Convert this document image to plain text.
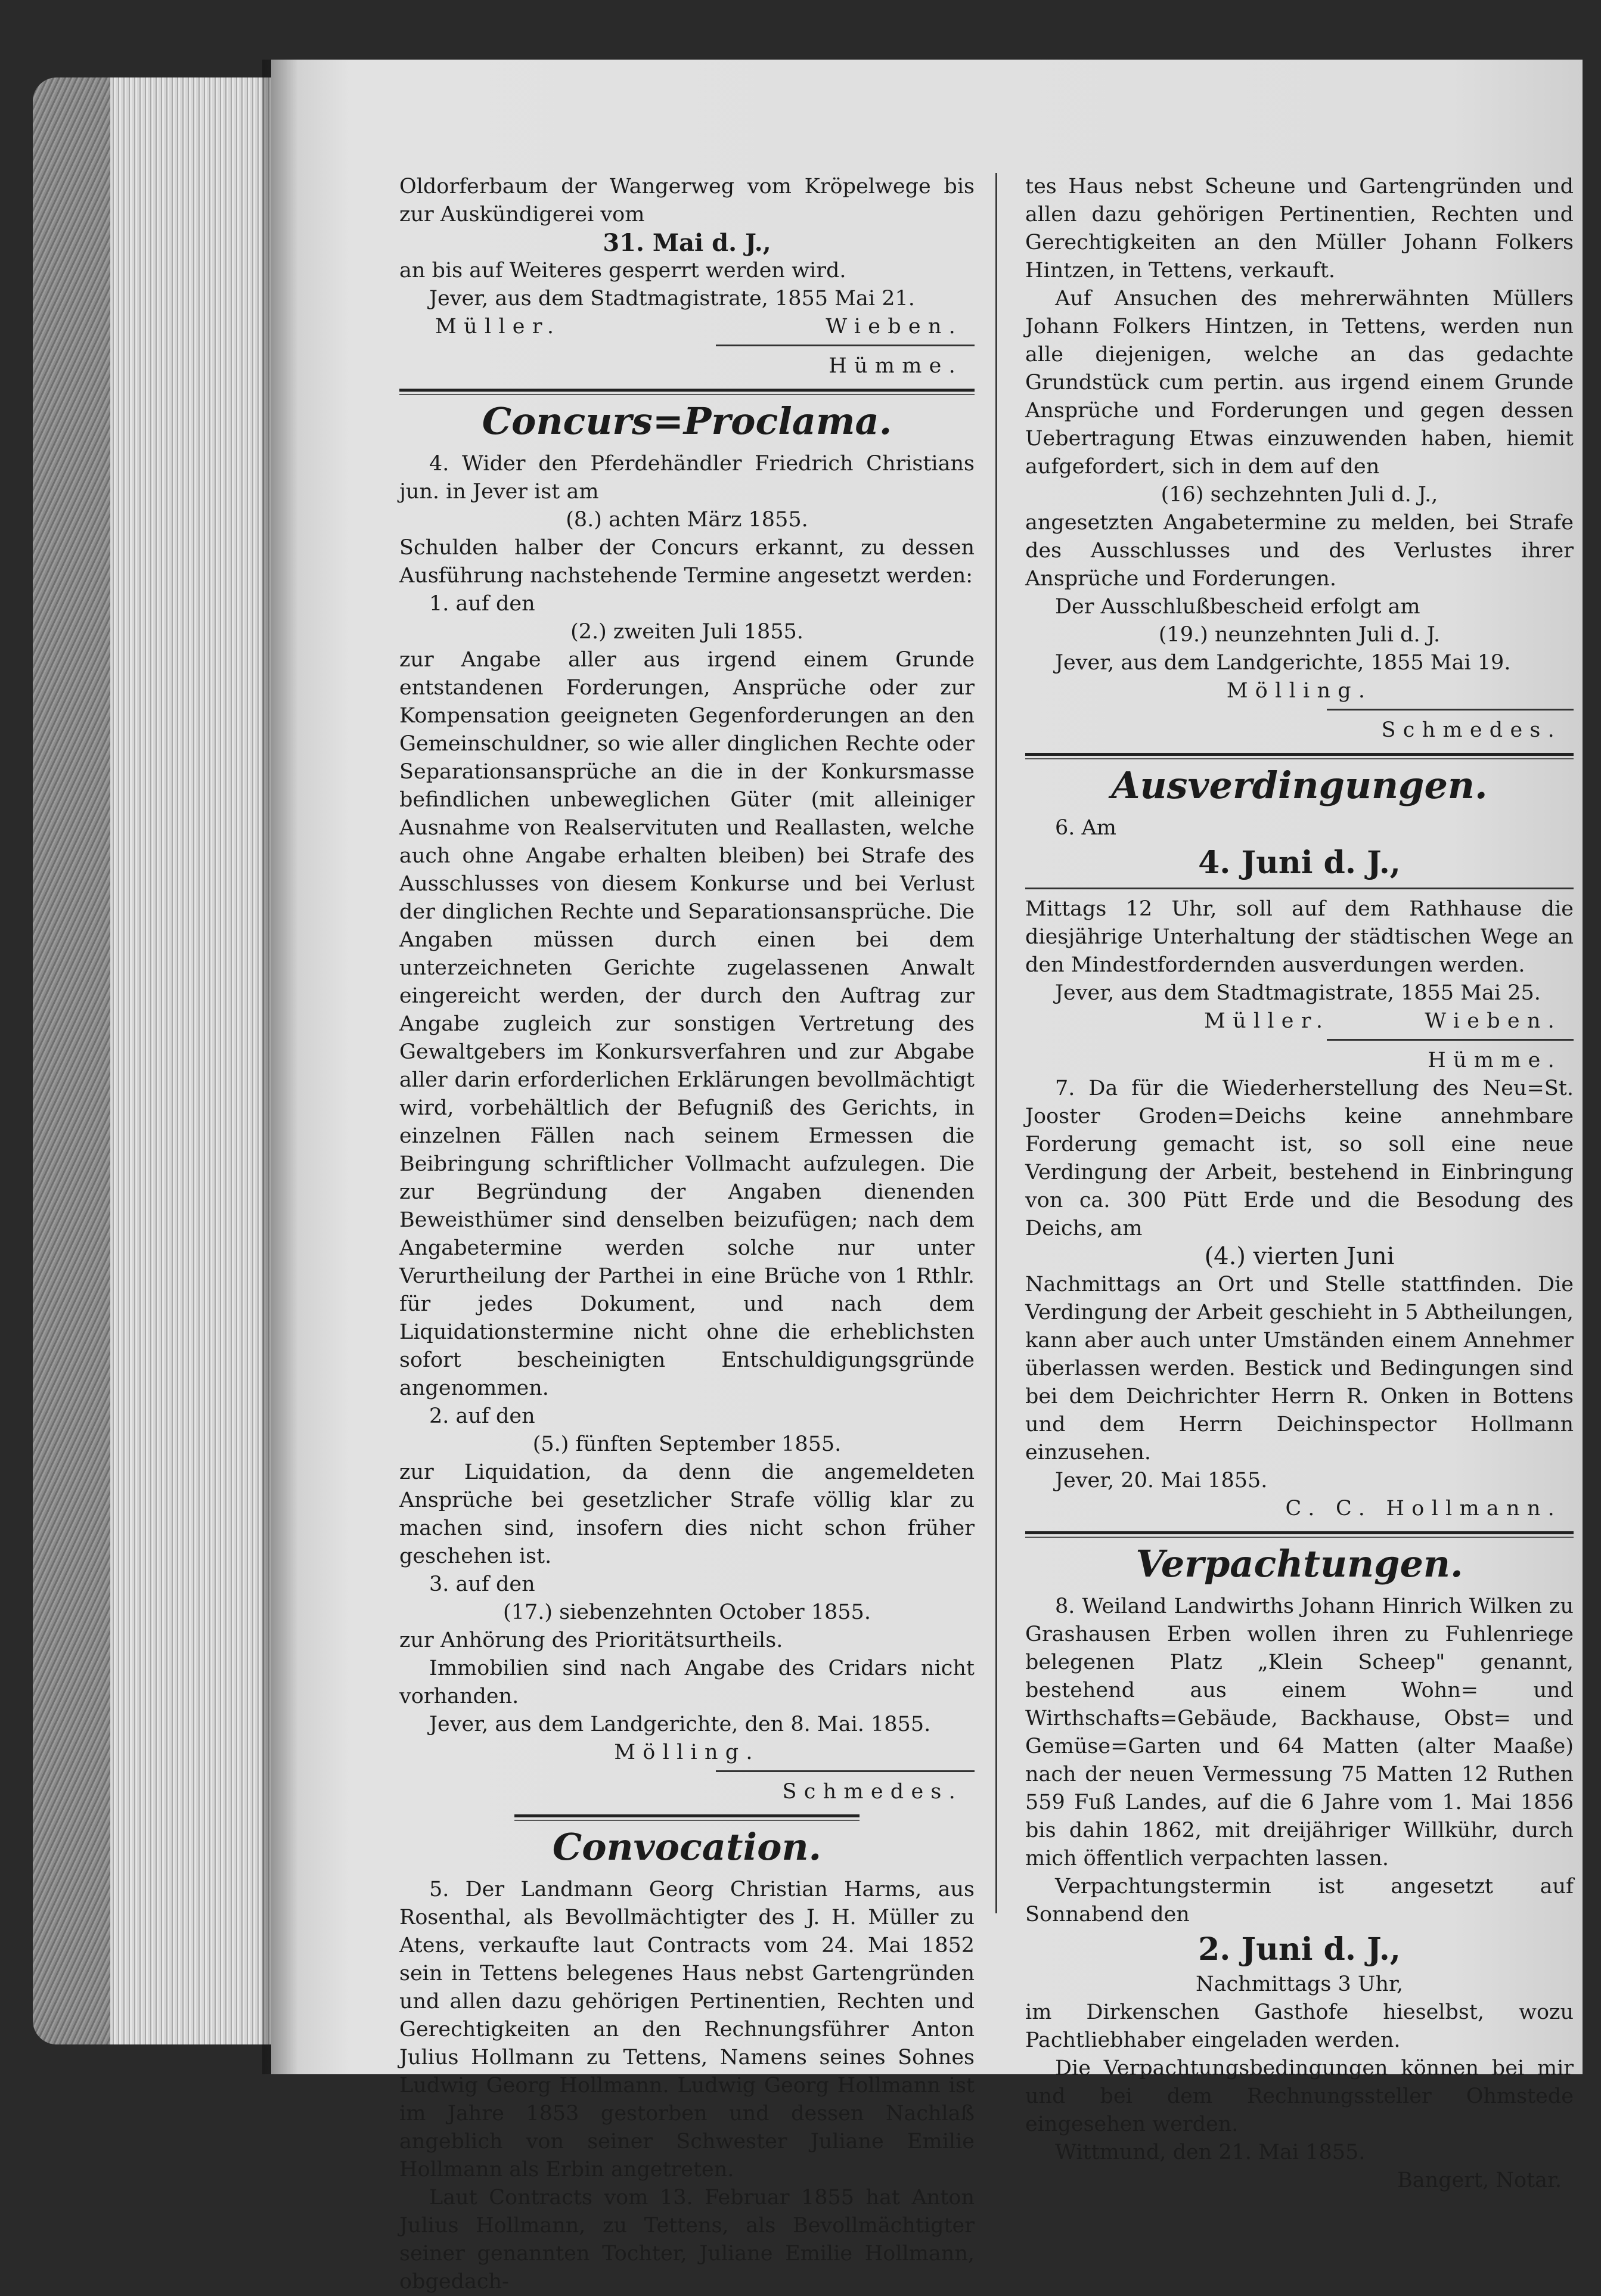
Oldorferbaum der Wangerweg vom Kröpelwege bis

zur Auskündigerei vom

31. Mai d. J.,

an bis auf Weiteres gesperrt werden wird.

Jever, aus dem Stadtmagistrate, 1855 Mai 21.

Müller.	Wieben.

Hümme.

Concurs=Proclama.

4. Wider den Pferdehändler Friedrich Christians jun. in Jever ist am

(8.) achten März 1855.

Schulden halber der Concurs erkannt, zu dessen Ausführung nachstehende Termine angesetzt werden:

1. auf den

(2.) zweiten Juli 1855.

zur Angabe aller aus irgend einem Grunde entstandenen Forderungen, Ansprüche oder zur Kompensation geeigneten Gegenforderungen an den Gemeinschuldner, so wie aller dinglichen Rechte oder Separationsansprüche an die in der Konkursmasse befindlichen unbeweglichen Güter (mit alleiniger Ausnahme von Realservituten und Reallasten, welche auch ohne Angabe erhalten bleiben) bei Strafe des Ausschlusses von diesem Konkurse und bei Verlust der dinglichen Rechte und Separationsansprüche. Die Angaben müssen durch einen bei dem unterzeichneten Gerichte zugelassenen Anwalt eingereicht werden, der durch den Auftrag zur Angabe zugleich zur sonstigen Vertretung des Gewaltgebers im Konkursverfahren und zur Abgabe aller darin erforderlichen Erklärungen bevollmächtigt wird, vorbehältlich der Befugniß des Gerichts, in einzelnen Fällen nach seinem Ermessen die Beibringung schriftlicher Vollmacht aufzulegen. Die zur Begründung der Angaben dienenden Beweisthümer sind denselben beizufügen; nach dem Angabetermine werden solche nur unter Verurtheilung der Parthei in eine Brüche von 1 Rthlr. für jedes Dokument, und nach dem Liquidationstermine nicht ohne die erheblichsten sofort bescheinigten Entschuldigungsgründe angenommen.

2. auf den

(5.) fünften September 1855.

zur Liquidation, da denn die angemeldeten Ansprüche bei gesetzlicher Strafe völlig klar zu machen sind, insofern dies nicht schon früher geschehen ist.

3. auf den

(17.) siebenzehnten October 1855.

zur Anhörung des Prioritätsurtheils.

Immobilien sind nach Angabe des Cridars nicht vorhanden.

Jever, aus dem Landgerichte, den 8. Mai. 1855.

Mölling.

Schmedes.

Convocation.

5. Der Landmann Georg Christian Harms, aus Rosenthal, als Bevollmächtigter des J. H. Müller zu Atens, verkaufte laut Contracts vom 24. Mai 1852 sein in Tettens belegenes Haus nebst Gartengründen und allen dazu gehörigen Pertinentien, Rechten und Gerechtigkeiten an den Rechnungsführer Anton Julius Hollmann zu Tettens, Namens seines Sohnes Ludwig Georg Hollmann. Ludwig Georg Hollmann ist im Jahre 1853 gestorben und dessen Nachlaß angeblich von seiner Schwester Juliane Emilie Hollmann als Erbin angetreten.

Laut Contracts vom 13. Februar 1855 hat Anton Julius Hollmann, zu Tettens, als Bevollmächtigter seiner genannten Tochter, Juliane Emilie Hollmann, obgedach-

tes Haus nebst Scheune und Gartengründen und allen dazu gehörigen Pertinentien, Rechten und Gerechtigkeiten an den Müller Johann Folkers Hintzen, in Tettens, verkauft.

Auf Ansuchen des mehrerwähnten Müllers Johann Folkers Hintzen, in Tettens, werden nun alle diejenigen, welche an das gedachte Grundstück cum pertin. aus irgend einem Grunde Ansprüche und Forderungen und gegen dessen Uebertragung Etwas einzuwenden haben, hiemit aufgefordert, sich in dem auf den

(16) sechzehnten Juli d. J.,

angesetzten Angabetermine zu melden, bei Strafe des Ausschlusses und des Verlustes ihrer Ansprüche und Forderungen.

Der Ausschlußbescheid erfolgt am

(19.) neunzehnten Juli d. J.

Jever, aus dem Landgerichte, 1855 Mai 19.

Mölling.

Schmedes.

Ausverdingungen.

6. Am

4. Juni d. J.,

Mittags 12 Uhr, soll auf dem Rathhause die diesjährige Unterhaltung der städtischen Wege an den Mindestfordernden ausverdungen werden.

Jever, aus dem Stadtmagistrate, 1855 Mai 25.

Müller.	Wieben.

Hümme.

7. Da für die Wiederherstellung des Neu=St. Jooster Groden=Deichs keine annehmbare Forderung gemacht ist, so soll eine neue Verdingung der Arbeit, bestehend in Einbringung von ca. 300 Pütt Erde und die Besodung des Deichs, am

(4.) vierten Juni

Nachmittags an Ort und Stelle stattfinden. Die Verdingung der Arbeit geschieht in 5 Abtheilungen, kann aber auch unter Umständen einem Annehmer überlassen werden. Bestick und Bedingungen sind bei dem Deichrichter Herrn R. Onken in Bottens und dem Herrn Deichinspector Hollmann einzusehen.

Jever, 20. Mai 1855.

C. C. Hollmann.

Verpachtungen.

8. Weiland Landwirths Johann Hinrich Wilken zu Grashausen Erben wollen ihren zu Fuhlenriege belegenen Platz „Klein Scheep" genannt, bestehend aus einem Wohn= und Wirthschafts=Gebäude, Backhause, Obst= und Gemüse=Garten und 64 Matten (alter Maaße) nach der neuen Vermessung 75 Matten 12 Ruthen 559 Fuß Landes, auf die 6 Jahre vom 1. Mai 1856 bis dahin 1862, mit dreijähriger Willkühr, durch mich öffentlich verpachten lassen.

Verpachtungstermin ist angesetzt auf Sonnabend den

2. Juni d. J.,

Nachmittags 3 Uhr,

im Dirkenschen Gasthofe hieselbst, wozu Pachtliebhaber eingeladen werden.

Die Verpachtungsbedingungen können bei mir und bei dem Rechnungssteller Ohmstede eingesehen werden.

Wittmund, den 21. Mai 1855.

Bangert, Notar.
